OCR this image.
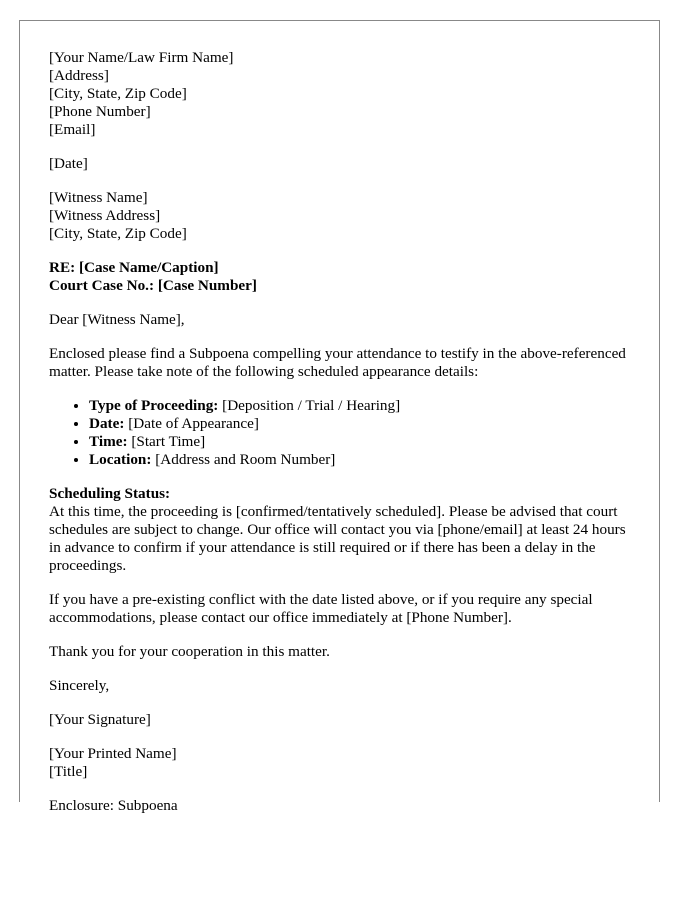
[Your Name/Law Firm Name]
[Address]
[City, State, Zip Code]
[Phone Number]
[Email]
[Date]
[Witness Name]
[Witness Address]
[City, State, Zip Code]
RE: [Case Name/Caption]
Court Case No.: [Case Number]

Dear [Witness Name],

Enclosed please find a Subpoena compelling your attendance to testify in the above-referenced matter. Please take note of the following scheduled appearance details:

• Type of Proceeding: [Deposition / Trial / Hearing]
• Date: [Date of Appearance]
• Time: [Start Time]
• Location: [Address and Room Number]
Scheduling Status:
At this time, the proceeding is [confirmed/tentatively scheduled]. Please be advised that court schedules are subject to change. Our office will contact you via [phone/email] at least 24 hours in advance to confirm if your attendance is still required or if there has been a delay in the proceedings.

If you have a pre-existing conflict with the date listed above, or if you require any special accommodations, please contact our office immediately at [Phone Number].

Thank you for your cooperation in this matter.

Sincerely,

[Your Signature]

[Your Printed Name]
[Title]

Enclosure: Subpoena
